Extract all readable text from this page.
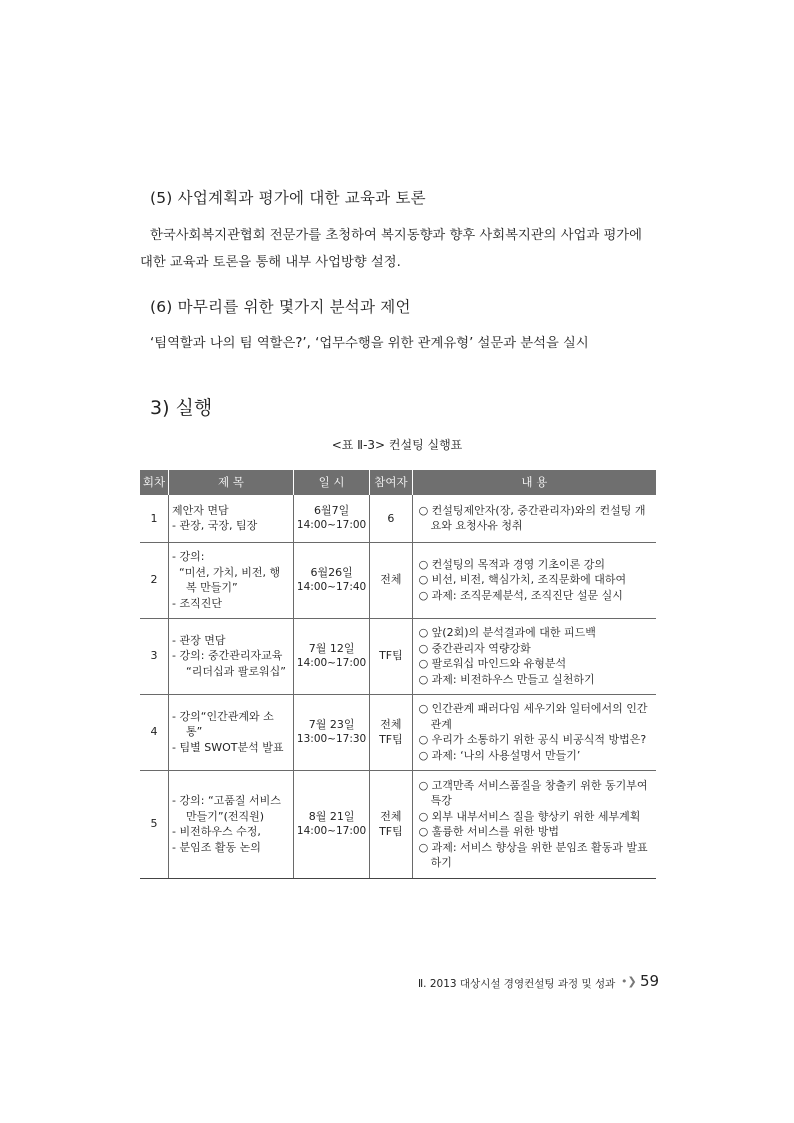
(5) 사업계획과 평가에 대한 교육과 토론
한국사회복지관협회 전문가를 초청하여 복지동향과 향후 사회복지관의 사업과 평가에
대한 교육과 토론을 통해 내부 사업방향 설정.
(6) 마무리를 위한 몇가지 분석과 제언
‘팀역할과 나의 팀 역할은?’, ‘업무수행을 위한 관계유형’ 설문과 분석을 실시
3) 실행
<표 Ⅱ-3> 컨설팅 실행표
회차	제 목	일 시	참여자	내 용
1	제안자 면담
- 관장, 국장, 팀장	6월7일
14:00~17:00	6	○ 컨설팅제안자(장, 중간관리자)와의 컨설팅 개요와 요청사유 청취

2	- 강의:
“미션, 가치, 비전, 행복 만들기”
- 조직진단	6월26일
14:00~17:40	전체	○ 컨설팅의 목적과 경영 기초이론 강의
○ 비선, 비전, 핵심가치, 조직문화에 대하여
○ 과제: 조직문제분석, 조직진단 설문 실시

3	- 관장 면담
- 강의: 중간관리자교육 “리더십과 팔로워십”	7월 12일
14:00~17:00	TF팀	○ 앞(2회)의 분석결과에 대한 피드백
○ 중간관리자 역량강화
○ 팔로워십 마인드와 유형분석
○ 과제: 비전하우스 만들고 실천하기

4	- 강의“인간관계와 소통”
- 팀별 SWOT분석 발표	7월 23일
13:00~17:30	전체
TF팀	○ 인간관계 패러다임 세우기와 일터에서의 인간관계
○ 우리가 소통하기 위한 공식 비공식적 방법은?
○ 과제: ‘나의 사용설명서 만들기’

5	- 강의: “고품질 서비스 만들기”(전직원)
- 비전하우스 수정,
- 분임조 활동 논의	8월 21일
14:00~17:00	전체
TF팀	○ 고객만족 서비스품질을 창출키 위한 동기부여 특강
○ 외부 내부서비스 질을 향상키 위한 세부계획
○ 훌륭한 서비스를 위한 방법
○ 과제: 서비스 향상을 위한 분임조 활동과 발표하기
Ⅱ. 2013 대상시설 경영컨설팅 과정 및 성과 •❯ 59
